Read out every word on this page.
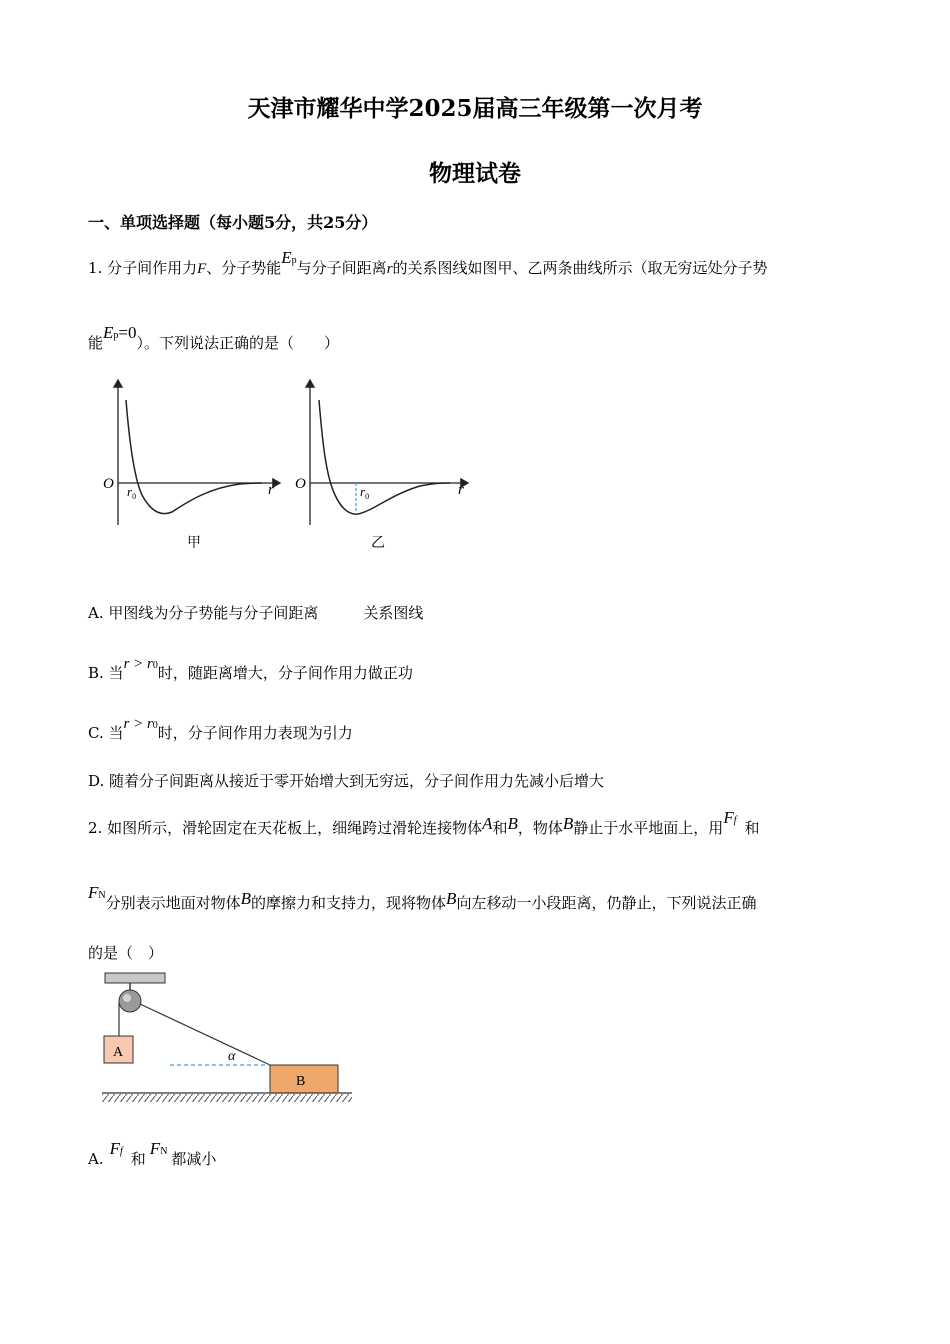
天津市耀华中学2025届高三年级第一次月考
物理试卷
一、单项选择题（每小题5分，共25分）
1. 分子间作用力F、分子势能Ep与分子间距离r的关系图线如图甲、乙两条曲线所示（取无穷远处分子势
能Ep=0）。下列说法正确的是（　　）
O $r_0$	r
甲
O	$r_0$	r
乙
A. 甲图线为分子势能与分子间距离　　　关系图线
B. 当r > r0时，随距离增大，分子间作用力做正功
C. 当r > r0时，分子间作用力表现为引力
D. 随着分子间距离从接近于零开始增大到无穷远，分子间作用力先减小后增大
2. 如图所示，滑轮固定在天花板上，细绳跨过滑轮连接物体A和B，物体B静止于水平地面上，用Ff 和
FN分别表示地面对物体B的摩擦力和支持力，现将物体B向左移动一小段距离，仍静止，下列说法正确
的是（　）
A	α
B
A.Ff 和FN 都减小
